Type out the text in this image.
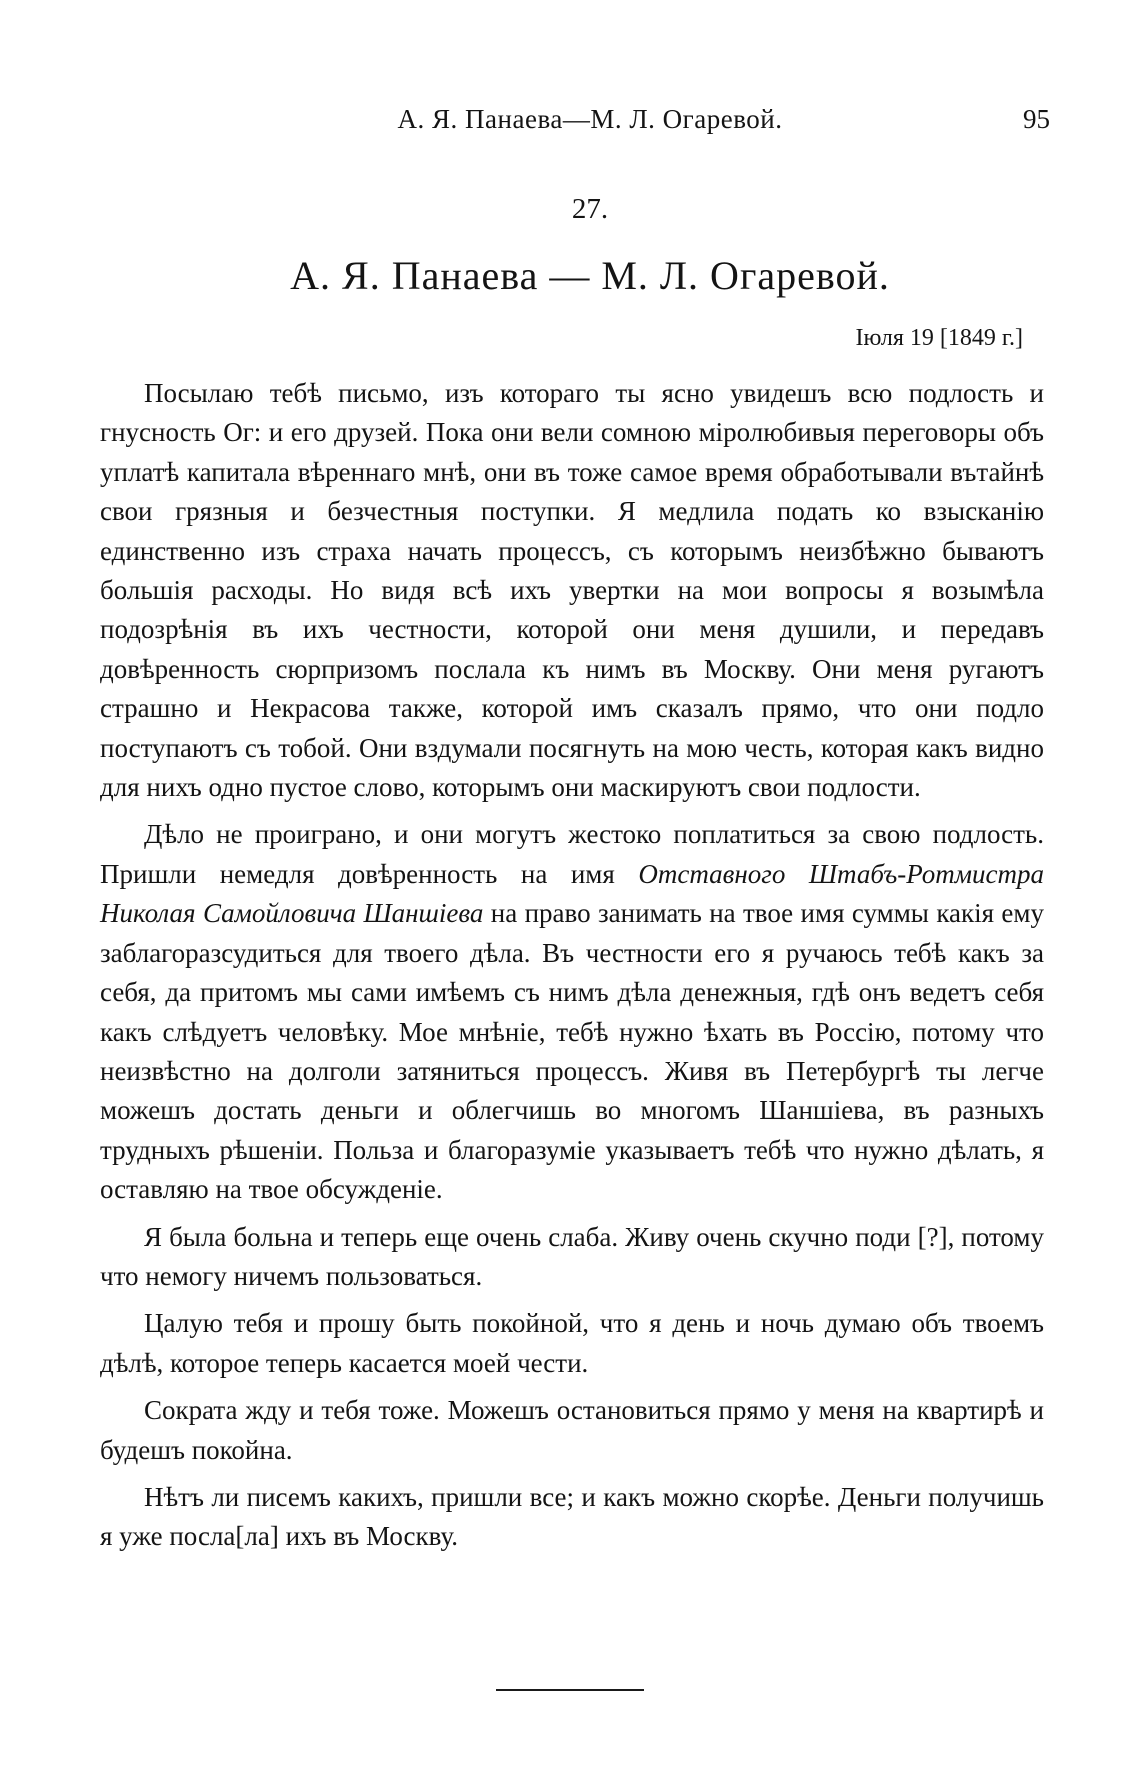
А. Я. Панаева—М. Л. Огаревой.	95
27.
А. Я. Панаева — М. Л. Огаревой.
Iюля 19 [1849 г.]

Посылаю тебѣ письмо, изъ котораго ты ясно увидешъ всю подлость и гнусность Ог: и его друзей. Пока они вели сомною мiролюбивыя переговоры объ уплатѣ капитала вѣреннаго мнѣ, они въ тоже самое время обработывали вътайнѣ свои грязныя и безчестныя поступки. Я медлила подать ко взысканiю единственно изъ страха начать процессъ, съ которымъ неизбѣжно бываютъ большiя расходы. Но видя всѣ ихъ увертки на мои вопросы я возымѣла подозрѣнiя въ ихъ честности, которой они меня душили, и передавъ довѣренность сюрпризомъ послала къ нимъ въ Москву. Они меня ругаютъ страшно и Некрасова также, которой имъ сказалъ прямо, что они подло поступаютъ съ тобой. Они вздумали посягнуть на мою честь, которая какъ видно для нихъ одно пустое слово, которымъ они маскируютъ свои подлости.

Дѣло не проиграно, и они могутъ жестоко поплатиться за свою подлость. Пришли немедля довѣренность на имя Отставного Штабъ-Ротмистра Николая Самойловича Шаншiева на право занимать на твое имя суммы какiя ему заблагоразсудиться для твоего дѣла. Въ честности его я ручаюсь тебѣ какъ за себя, да притомъ мы сами имѣемъ съ нимъ дѣла денежныя, гдѣ онъ ведетъ себя какъ слѣдуетъ человѣку. Мое мнѣнiе, тебѣ нужно ѣхать въ Россiю, потому что неизвѣстно на долголи затяниться процессъ. Живя въ Петербургѣ ты легче можешъ достать деньги и облегчишь во многомъ Шаншiева, въ разныхъ трудныхъ рѣшенiи. Польза и благоразумiе указываетъ тебѣ что нужно дѣлать, я оставляю на твое обсужденiе.

Я была больна и теперь еще очень слаба. Живу очень скучно поди [?], потому что немогу ничемъ пользоваться.

Цалую тебя и прошу быть покойной, что я день и ночь думаю объ твоемъ дѣлѣ, которое теперь касается моей чести.

Сократа жду и тебя тоже. Можешъ остановиться прямо у меня на квартирѣ и будешъ покойна.

Нѣтъ ли писемъ какихъ, пришли все; и какъ можно скорѣе. Деньги получишь я уже посла[ла] ихъ въ Москву.
